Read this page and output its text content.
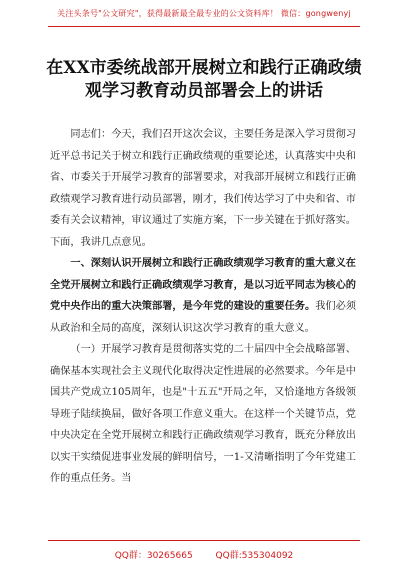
关注头条号"公文研究"，获得最新最全最专业的公文资料库！ 微信：gongwenyj
在XX市委统战部开展树立和践行正确政绩观学习教育动员部署会上的讲话

同志们：今天，我们召开这次会议，主要任务是深入学习贯彻习近平总书记关于树立和践行正确政绩观的重要论述，认真落实中央和省、市委关于开展学习教育的部署要求，对我部开展树立和践行正确政绩观学习教育进行动员部署，刚才，我们传达学习了中央和省、市委有关会议精神，审议通过了实施方案，下一步关键在于抓好落实。下面，我讲几点意见。

一、深刻认识开展树立和践行正确政绩观学习教育的重大意义在全党开展树立和践行正确政绩观学习教育，是以习近平同志为核心的党中央作出的重大决策部署，是今年党的建设的重要任务。我们必须从政治和全局的高度，深刻认识这次学习教育的重大意义。

（一）开展学习教育是贯彻落实党的二十届四中全会战略部署、确保基本实现社会主义现代化取得决定性进展的必然要求。今年是中国共产党成立105周年，也是"十五五"开局之年，又恰逢地方各级领导班子陆续换届，做好各项工作意义重大。在这样一个关键节点，党中央决定在全党开展树立和践行正确政绩观学习教育，既充分释放出以实干实绩促进事业发展的鲜明信号，一1-又清晰指明了今年党建工作的重点任务。当

QQ群：30265665	QQ群:535304092
